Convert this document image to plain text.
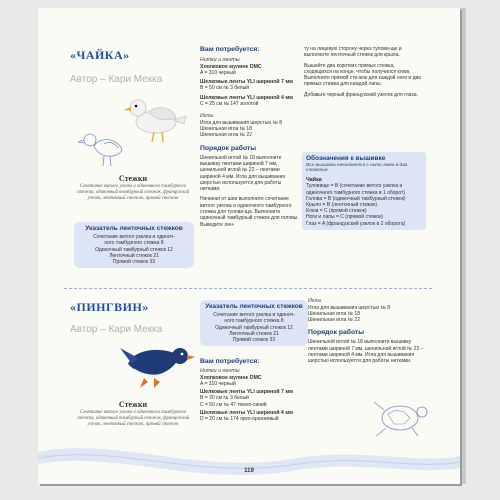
«ЧАЙКА»
Автор – Кари Мекка
Стежки
Сочетание витого узелка и одиночного тамбурного стежка, одиночный тамбурный стежок, французский узелок, ленточный стежок, прямой стежок
Указатель ленточных стежков
Сочетание витого узелка и одиноч-
ного тамбурного стежка 8
Одиночный тамбурный стежок 12
Ленточный стежок 21
Прямой стежок 33
Вам потребуется:
Нитки и ленты
Хлопковое мулине DMC
A = 310 черный
Шелковые ленты YLI шириной 7 мм
B = 50 см № 3 белый
Шелковые ленты YLI шириной 4 мм
C = 25 см № 147 золотой
Иглы
Игла для вышивания шерстью № 8
Шенильная игла № 18
Шенильная игла № 22
Порядок работы
Шенильной иглой № 18 выполните вышивку лентами шириной 7 мм, шенильной иглой № 22 – лентами шириной 4 мм. Игла для вышивания шерстью используется для работы нитками.
Начиная от шеи выполните сочетание витого узелка и одиночного тамбурного стежка для тулови-ща. Выполните одиночный тамбурный стежок для головы. Выведите лен-
ту на лицевую сторону через тулови-ще и выполните ленточный стежок для крыла.
Вышейте два коротких прямых стежка, сходящихся на конце, чтобы получился клюв. Выполните прямой сте-жок для каждой ноги и два прямых стежка для каждой лапы.
Добавьте черный французский узелок для глаза.
Обозначения к вышивке
Все вышивки начинаются с нить-ками в два сложения.
Чайка
Туловище = B (сочетание витого узелка и одиночного тамбурного стежка в 1 оборот)
Голова = B (одиночный тамбурный стежок)
Крыло = B (ленточный стежок)
Клюв = C (прямой стежок)
Ноги и лапы = C (прямой стежок)
Глаз = A (французский узелок в 2 оборота)
«ПИНГВИН»
Автор – Кари Мекка
Стежки
Сочетание витого узелка и одиночного тамбурного стежка, одиночный тамбурный стежок, французский узелок, ленточный стежок, прямой стежок
Указатель ленточных стежков
Сочетание витого узелка и одиноч-
ного тамбурного стежка 8
Одиночный тамбурный стежок 12
Ленточный стежок 21
Прямой стежок 33
Вам потребуется:
Нитки и ленты
Хлопковое мулине DMC
A = 310 черный
Шелковые ленты YLI шириной 7 мм
B = 30 см № 3 белый
C = 50 см № 47 темно-синий
Шелковые ленты YLI шириной 4 мм
D = 20 см № 174 ярко-оранжевый
Иглы
Игла для вышивания шерстью № 8
Шенильная игла № 18
Шенильная игла № 22
Порядок работы
Шенильной иглой № 18 выполните вышивку лентами шириной 7 мм, шенильной иглой № 22 – лентами шириной 4 мм. Игла для вышивания шерстью используется для работы нитками.
119
